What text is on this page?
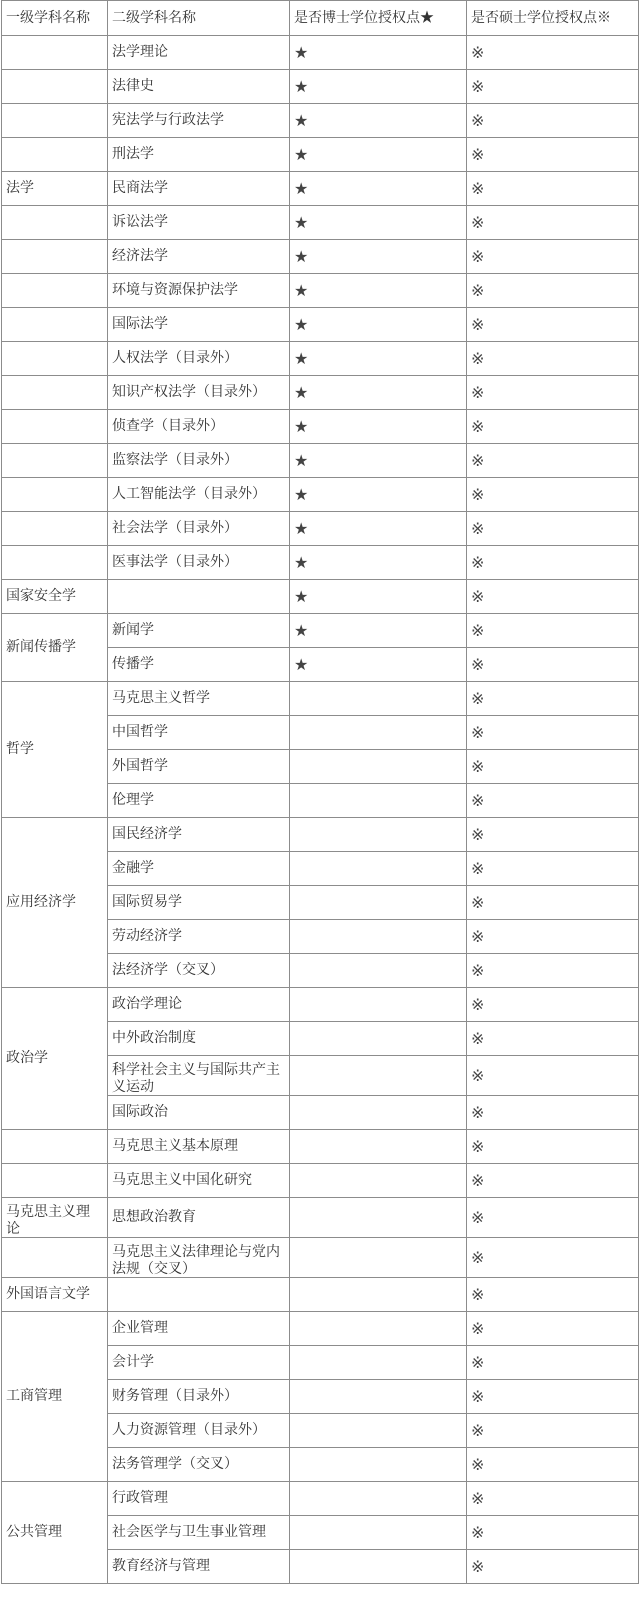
一级学科名称	二级学科名称	是否博士学位授权点★	是否硕士学位授权点※
	法学理论	★	※
	法律史	★	※
	宪法学与行政法学	★	※
	刑法学	★	※
法学	民商法学	★	※
	诉讼法学	★	※
	经济法学	★	※
	环境与资源保护法学	★	※
	国际法学	★	※
	人权法学（目录外）	★	※
	知识产权法学（目录外）	★	※
	侦查学（目录外）	★	※
	监察法学（目录外）	★	※
	人工智能法学（目录外）	★	※
	社会法学（目录外）	★	※
	医事法学（目录外）	★	※
国家安全学		★	※
新闻传播学	新闻学	★	※
	传播学	★	※
哲学	马克思主义哲学		※
	中国哲学		※
	外国哲学		※
	伦理学		※
应用经济学	国民经济学		※
	金融学		※
	国际贸易学		※
	劳动经济学		※
	法经济学（交叉）		※
政治学	政治学理论		※
	中外政治制度		※

	科学社会主义与国际共产主义运动		※
	国际政治		※
	马克思主义基本原理		※
	马克思主义中国化研究		※

马克思主义理论	思想政治教育		※

	马克思主义法律理论与党内法规（交叉）		※
外国语言文学			※
工商管理	企业管理		※
	会计学		※
	财务管理（目录外）		※
	人力资源管理（目录外）		※
	法务管理学（交叉）		※
公共管理	行政管理		※
	社会医学与卫生事业管理		※
	教育经济与管理		※
